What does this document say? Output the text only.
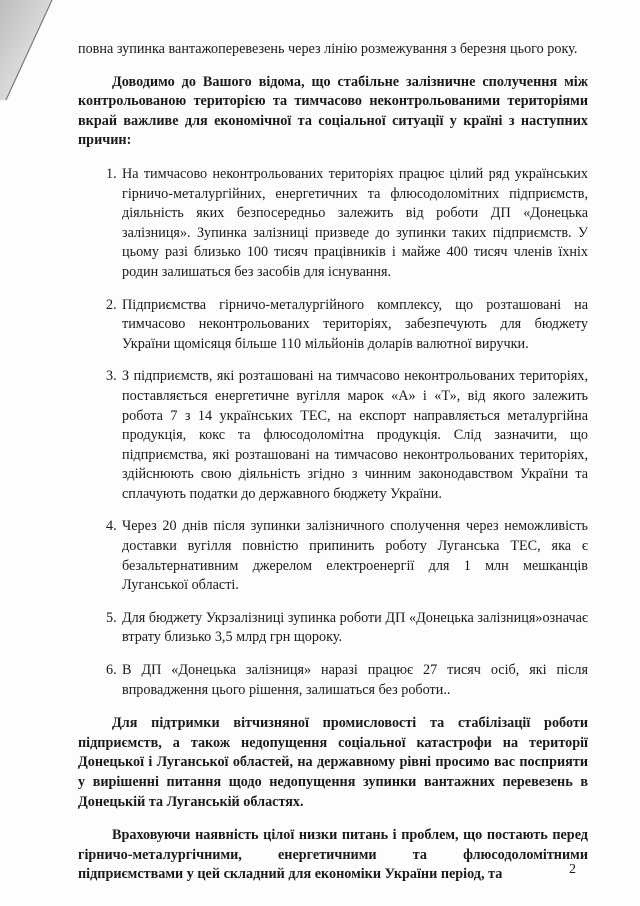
повна зупинка вантажоперевезень через лінію розмежування з березня цього року.

Доводимо до Вашого відома, що стабільне залізничне сполучення між контрольованою територією та тимчасово неконтрольованими територіями вкрай важливе для економічної та соціальної ситуації у країні з наступних причин:

1. На тимчасово неконтрольованих територіях працює цілий ряд українських гірничо-металургійних, енергетичних та флюсодоломітних підприємств, діяльність яких безпосередньо залежить від роботи ДП «Донецька залізниця». Зупинка залізниці призведе до зупинки таких підприємств. У цьому разі близько 100 тисяч працівників і майже 400 тисяч членів їхніх родин залишаться без засобів для існування.
2. Підприємства гірничо-металургійного комплексу, що розташовані на тимчасово неконтрольованих територіях, забезпечують для бюджету України щомісяця більше 110 мільйонів доларів валютної виручки.
3. З підприємств, які розташовані на тимчасово неконтрольованих територіях, поставляється енергетичне вугілля марок «А» і «Т», від якого залежить робота 7 з 14 українських ТЕС, на експорт направляється металургійна продукція, кокс та флюсодоломітна продукція. Слід зазначити, що підприємства, які розташовані на тимчасово неконтрольованих територіях, здійснюють свою діяльність згідно з чинним законодавством України та сплачують податки до державного бюджету України.
4. Через 20 днів після зупинки залізничного сполучення через неможливість доставки вугілля повністю припинить роботу Луганська ТЕС, яка є безальтернативним джерелом електроенергії для 1 млн мешканців Луганської області.
5. Для бюджету Укрзалізниці зупинка роботи ДП «Донецька залізниця»означає втрату близько 3,5 млрд грн щороку.
6. В ДП «Донецька залізниця» наразі працює 27 тисяч осіб, які після впровадження цього рішення, залишаться без роботи..

Для підтримки вітчизняної промисловості та стабілізації роботи підприємств, а також недопущення соціальної катастрофи на території Донецької і Луганської областей, на державному рівні просимо вас посприяти у вирішенні питання щодо недопущення зупинки вантажних перевезень в Донецькій та Луганській областях.

Враховуючи наявність цілої низки питань і проблем, що постають перед гірничо-металургічними, енергетичними та флюсодоломітними підприємствами у цей складний для економіки України період, та	2
